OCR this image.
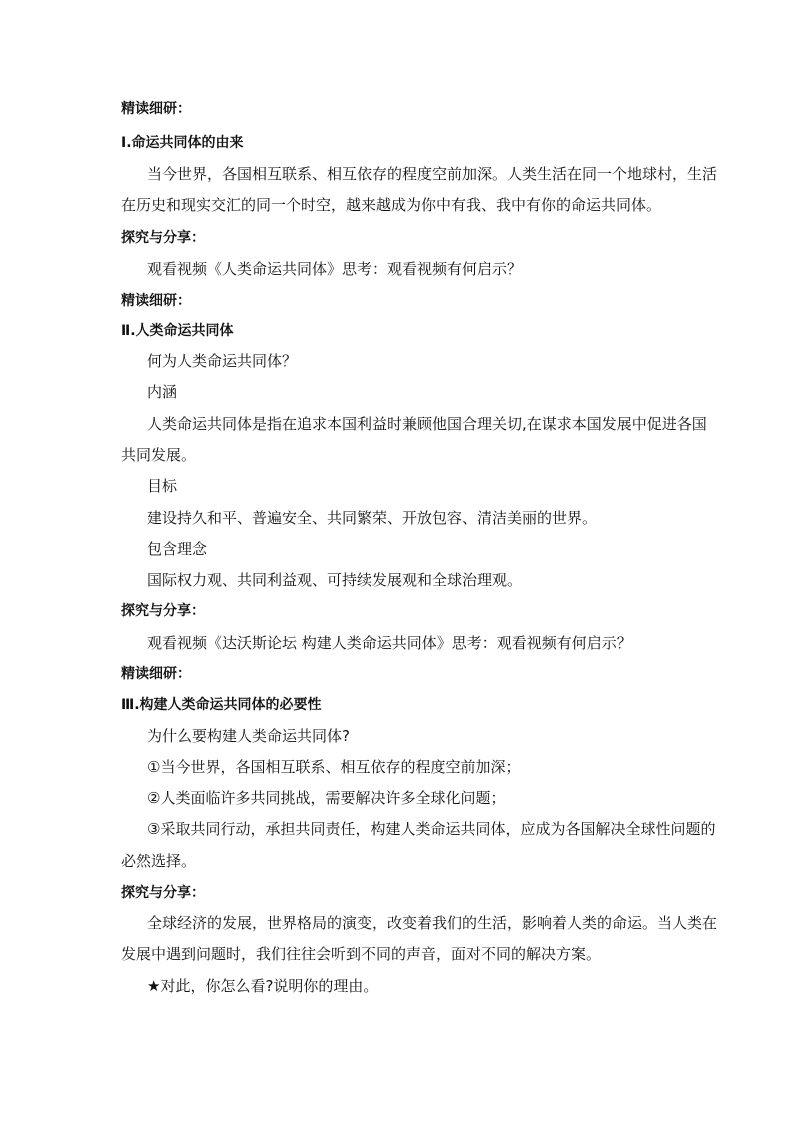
精读细研：
Ⅰ.命运共同体的由来
当今世界，各国相互联系、相互依存的程度空前加深。人类生活在同一个地球村，生活
在历史和现实交汇的同一个时空，越来越成为你中有我、我中有你的命运共同体。
探究与分享：
观看视频《人类命运共同体》思考：观看视频有何启示？
精读细研：
Ⅱ.人类命运共同体
何为人类命运共同体？
内涵
人类命运共同体是指在追求本国利益时兼顾他国合理关切,在谋求本国发展中促进各国
共同发展。
目标
建设持久和平、普遍安全、共同繁荣、开放包容、清洁美丽的世界。
包含理念
国际权力观、共同利益观、可持续发展观和全球治理观。
探究与分享：
观看视频《达沃斯论坛 构建人类命运共同体》思考：观看视频有何启示？
精读细研：
Ⅲ.构建人类命运共同体的必要性
为什么要构建人类命运共同体?
①当今世界，各国相互联系、相互依存的程度空前加深；
②人类面临许多共同挑战，需要解决许多全球化问题；
③采取共同行动，承担共同责任，构建人类命运共同体，应成为各国解决全球性问题的
必然选择。
探究与分享：
全球经济的发展，世界格局的演变，改变着我们的生活，影响着人类的命运。当人类在
发展中遇到问题时，我们往往会听到不同的声音，面对不同的解决方案。
★对此，你怎么看?说明你的理由。
